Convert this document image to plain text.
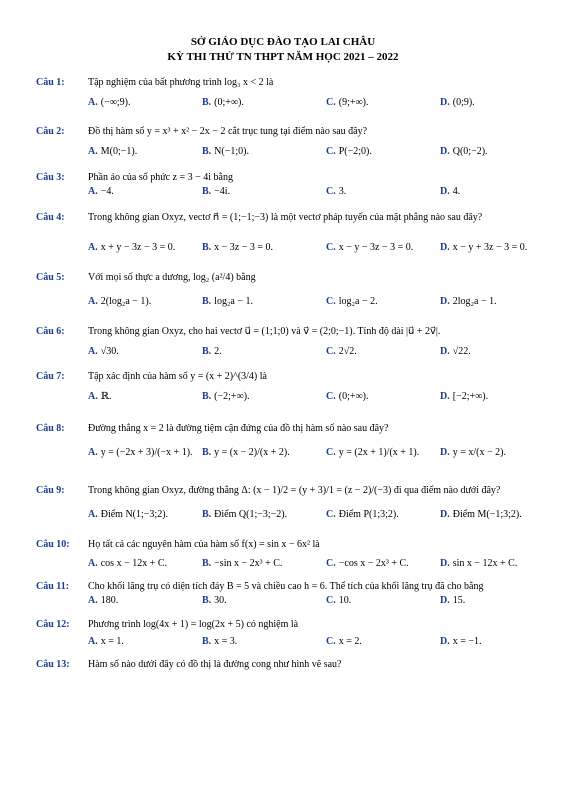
SỞ GIÁO DỤC ĐÀO TẠO LAI CHÂU
KỲ THI THỬ TN THPT NĂM HỌC 2021 – 2022
Câu 1: Tập nghiệm của bất phương trình log₃ x < 2 là
A. (−∞;9).	B. (0;+∞).	C. (9;+∞).	D. (0;9).
Câu 2: Đồ thị hàm số y = x³ + x² − 2x − 2 cắt trục tung tại điểm nào sau đây?
A. M(0;−1).	B. N(−1;0).	C. P(−2;0).	D. Q(0;−2).
Câu 3: Phần ảo của số phức z = 3 − 4i bằng
A. −4.	B. −4i.	C. 3.	D. 4.
Câu 4: Trong không gian Oxyz, vectơ n⃗ = (1;−1;−3) là một vectơ pháp tuyến của mặt phẳng nào sau đây?
A. x + y − 3z − 3 = 0.	B. x − 3z − 3 = 0.	C. x − y − 3z − 3 = 0.	D. x − y + 3z − 3 = 0.
Câu 5: Với mọi số thực a dương, log₂ (a²/4) bằng
A. 2(log₂a − 1).	B. log₂a − 1.	C. log₂a − 2.	D. 2log₂a − 1.
Câu 6: Trong không gian Oxyz, cho hai vectơ u⃗ = (1;1;0) và v⃗ = (2;0;−1). Tính độ dài |u⃗ + 2v⃗|.
A. √30.	B. 2.	C. 2√2.	D. √22.
Câu 7: Tập xác định của hàm số y = (x + 2)^(3/4) là
A. ℝ.	B. (−2;+∞).	C. (0;+∞).	D. [−2;+∞).
Câu 8: Đường thẳng x = 2 là đường tiệm cận đứng của đồ thị hàm số nào sau đây?
A. y = (−2x + 3)/(−x + 1). B. y = (x − 2)/(x + 2).	C. y = (2x + 1)/(x + 1). D. y = x/(x − 2).
Câu 9: Trong không gian Oxyz, đường thẳng Δ: (x − 1)/2 = (y + 3)/1 = (z − 2)/(−3) đi qua điểm nào dưới đây?
A. Điểm N(1;−3;2).	B. Điểm Q(1;−3;−2).	C. Điểm P(1;3;2).	D. Điểm M(−1;3;2).
Câu 10: Họ tất cả các nguyên hàm của hàm số f(x) = sin x − 6x² là
A. cos x − 12x + C.	B. −sin x − 2x³ + C.	C. −cos x − 2x³ + C.	D. sin x − 12x + C.
Câu 11: Cho khối lăng trụ có diện tích đáy B = 5 và chiều cao h = 6. Thể tích của khối lăng trụ đã cho bằng
A. 180.	B. 30.	C. 10.	D. 15.
Câu 12: Phương trình log(4x + 1) = log(2x + 5) có nghiệm là
A. x = 1.	B. x = 3.	C. x = 2.	D. x = −1.
Câu 13: Hàm số nào dưới đây có đồ thị là đường cong như hình vẽ sau?
